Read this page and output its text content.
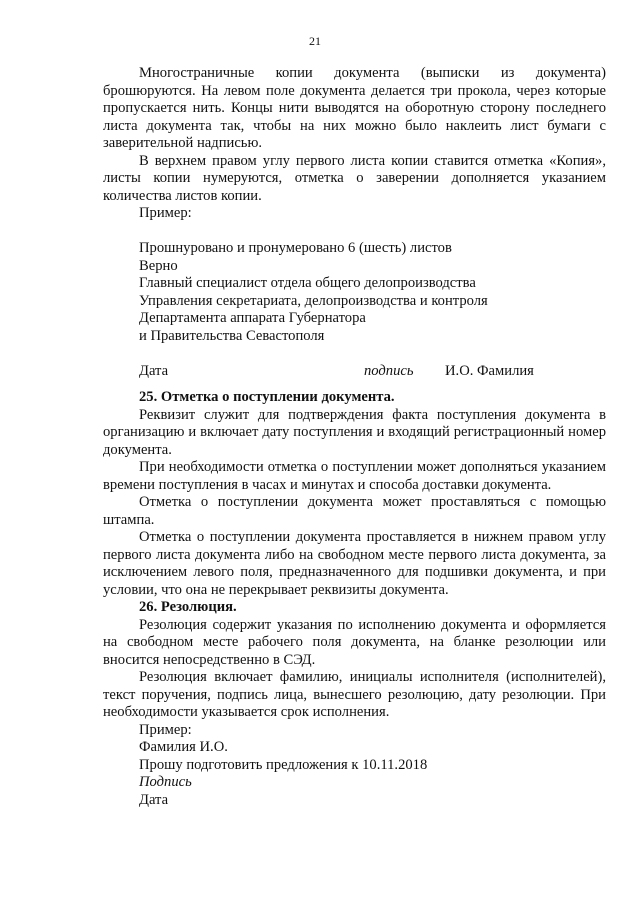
21

Многостраничные копии документа (выписки из документа) брошюруются. На левом поле документа делается три прокола, через которые пропускается нить. Концы нити выводятся на оборотную сторону последнего листа документа так, чтобы на них можно было наклеить лист бумаги с заверительной надписью.

В верхнем правом углу первого листа копии ставится отметка «Копия», листы копии нумеруются, отметка о заверении дополняется указанием количества листов копии.

Пример:

Прошнуровано и пронумеровано 6 (шесть) листов

Верно

Главный специалист отдела общего делопроизводства

Управления секретариата, делопроизводства и контроля

Департамента аппарата Губернатора

и Правительства Севастополя

Дата	подпись И.О. Фамилия

25. Отметка о поступлении документа.

Реквизит служит для подтверждения факта поступления документа в организацию и включает дату поступления и входящий регистрационный номер документа.

При необходимости отметка о поступлении может дополняться указанием времени поступления в часах и минутах и способа доставки документа.

Отметка о поступлении документа может проставляться с помощью штампа.

Отметка о поступлении документа проставляется в нижнем правом углу первого листа документа либо на свободном месте первого листа документа, за исключением левого поля, предназначенного для подшивки документа, и при условии, что она не перекрывает реквизиты документа.

26. Резолюция.

Резолюция содержит указания по исполнению документа и оформляется на свободном месте рабочего поля документа, на бланке резолюции или вносится непосредственно в СЭД.

Резолюция включает фамилию, инициалы исполнителя (исполнителей), текст поручения, подпись лица, вынесшего резолюцию, дату резолюции. При необходимости указывается срок исполнения.

Пример:

Фамилия И.О.

Прошу подготовить предложения к 10.11.2018

Подпись

Дата
